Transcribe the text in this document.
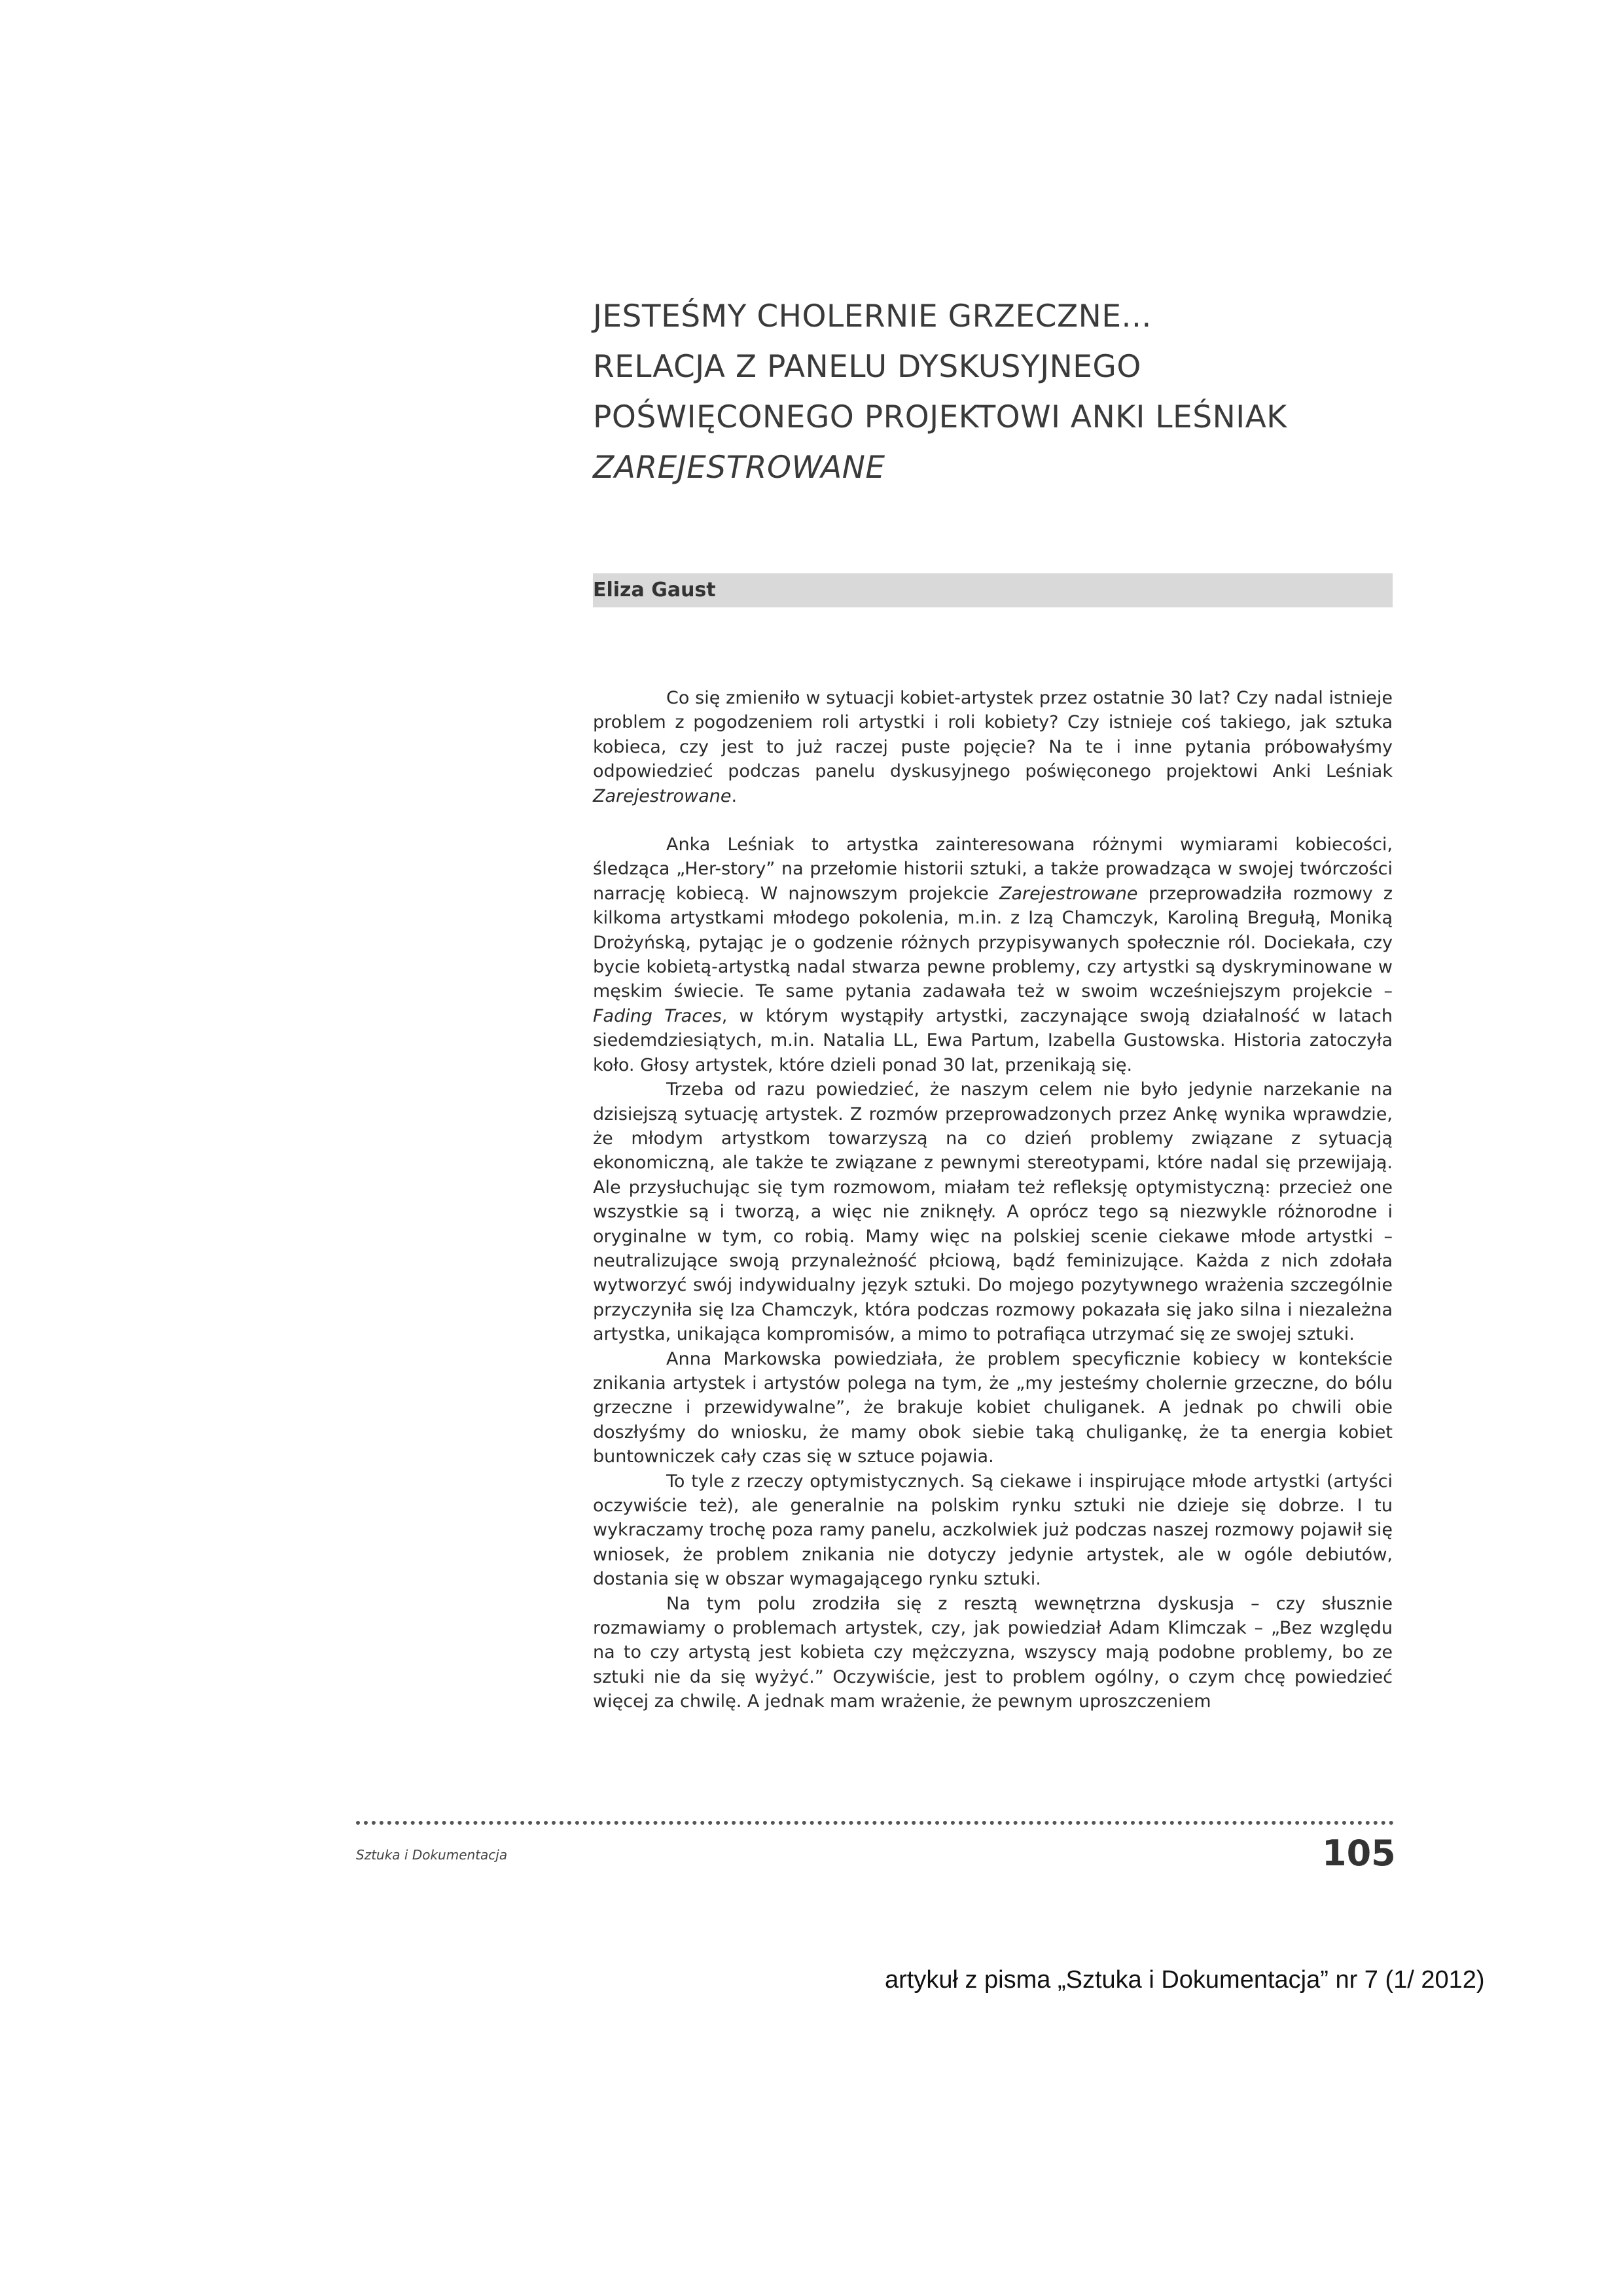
JESTEŚMY CHOLERNIE GRZECZNE...
RELACJA Z PANELU DYSKUSYJNEGO
POŚWIĘCONEGO PROJEKTOWI ANKI LEŚNIAK
ZAREJESTROWANE
Eliza Gaust

Co się zmieniło w sytuacji kobiet-artystek przez ostatnie 30 lat? Czy nadal istnieje problem z pogodzeniem roli artystki i roli kobiety? Czy istnieje coś takiego, jak sztuka kobieca, czy jest to już raczej puste pojęcie? Na te i inne pytania próbowałyśmy odpowiedzieć podczas panelu dyskusyjnego poświęconego projektowi Anki Leśniak Zarejestrowane.

Anka Leśniak to artystka zainteresowana różnymi wymiarami kobiecości, śledząca „Her-story” na przełomie historii sztuki, a także prowadząca w swojej twórczości narrację kobiecą. W najnowszym projekcie Zarejestrowane przeprowadziła rozmowy z kilkoma artystkami młodego pokolenia, m.in. z Izą Chamczyk, Karoliną Bregułą, Moniką Drożyńską, pytając je o godzenie różnych przypisywanych społecznie ról. Dociekała, czy bycie kobietą-artystką nadal stwarza pewne problemy, czy artystki są dyskryminowane w męskim świecie. Te same pytania zadawała też w swoim wcześniejszym projekcie – Fading Traces, w którym wystąpiły artystki, zaczynające swoją działalność w latach siedemdziesiątych, m.in. Natalia LL, Ewa Partum, Izabella Gustowska. Historia zatoczyła koło. Głosy artystek, które dzieli ponad 30 lat, przenikają się.

Trzeba od razu powiedzieć, że naszym celem nie było jedynie narzekanie na dzisiejszą sytuację artystek. Z rozmów przeprowadzonych przez Ankę wynika wprawdzie, że młodym artystkom towarzyszą na co dzień problemy związane z sytuacją ekonomiczną, ale także te związane z pewnymi stereotypami, które nadal się przewijają. Ale przysłuchując się tym rozmowom, miałam też refleksję optymistyczną: przecież one wszystkie są i tworzą, a więc nie zniknęły. A oprócz tego są niezwykle różnorodne i oryginalne w tym, co robią. Mamy więc na polskiej scenie ciekawe młode artystki – neutralizujące swoją przynależność płciową, bądź feminizujące. Każda z nich zdołała wytworzyć swój indywidualny język sztuki. Do mojego pozytywnego wrażenia szczególnie przyczyniła się Iza Chamczyk, która podczas rozmowy pokazała się jako silna i niezależna artystka, unikająca kompromisów, a mimo to potrafiąca utrzymać się ze swojej sztuki.

Anna Markowska powiedziała, że problem specyficznie kobiecy w kontekście znikania artystek i artystów polega na tym, że „my jesteśmy cholernie grzeczne, do bólu grzeczne i przewidywalne”, że brakuje kobiet chuliganek. A jednak po chwili obie doszłyśmy do wniosku, że mamy obok siebie taką chuligankę, że ta energia kobiet buntowniczek cały czas się w sztuce pojawia.

To tyle z rzeczy optymistycznych. Są ciekawe i inspirujące młode artystki (artyści oczywiście też), ale generalnie na polskim rynku sztuki nie dzieje się dobrze. I tu wykraczamy trochę poza ramy panelu, aczkolwiek już podczas naszej rozmowy pojawił się wniosek, że problem znikania nie dotyczy jedynie artystek, ale w ogóle debiutów, dostania się w obszar wymagającego rynku sztuki.

Na tym polu zrodziła się z resztą wewnętrzna dyskusja – czy słusznie rozmawiamy o problemach artystek, czy, jak powiedział Adam Klimczak – „Bez względu na to czy artystą jest kobieta czy mężczyzna, wszyscy mają podobne problemy, bo ze sztuki nie da się wyżyć.” Oczywiście, jest to problem ogólny, o czym chcę powiedzieć więcej za chwilę. A jednak mam wrażenie, że pewnym uproszczeniem

Sztuka i Dokumentacja	105
artykuł z pisma „Sztuka i Dokumentacja” nr 7 (1/ 2012)
